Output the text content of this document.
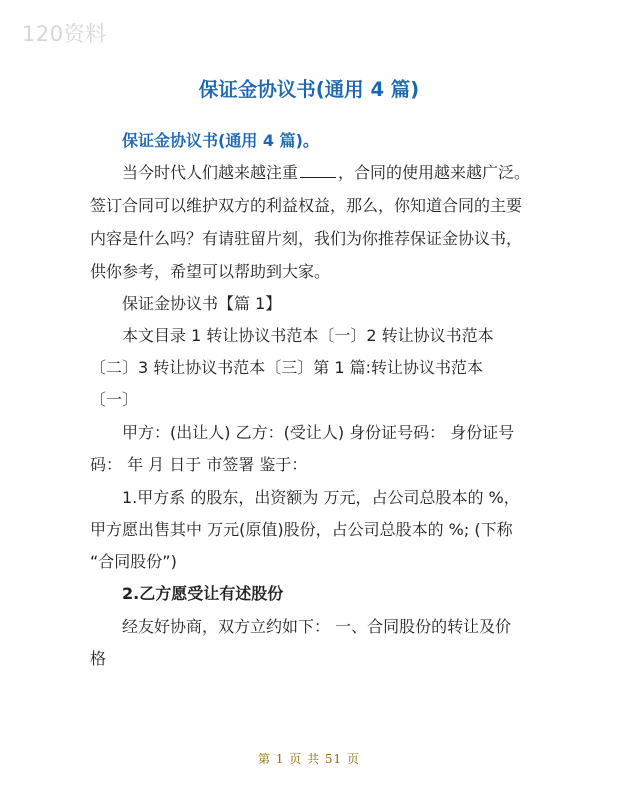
120资料
保证金协议书(通用 4 篇)
保证金协议书(通用 4 篇)。
当今时代人们越来越注重	，合同的使用越来越广泛。
签订合同可以维护双方的利益权益，那么，你知道合同的主要
内容是什么吗？有请驻留片刻，我们为你推荐保证金协议书，
供你参考，希望可以帮助到大家。
保证金协议书【篇 1】
本文目录 1 转让协议书范本〔一〕2 转让协议书范本
〔二〕3 转让协议书范本〔三〕第 1 篇:转让协议书范本
〔一〕
甲方：(出让人) 乙方：(受让人) 身份证号码： 身份证号
码： 年 月 日于 市签署 鉴于：
1.甲方系 的股东，出资额为 万元，占公司总股本的 %，
甲方愿出售其中 万元(原值)股份，占公司总股本的 %; (下称
“合同股份”)
2.乙方愿受让有述股份
经友好协商，双方立约如下： 一、合同股份的转让及价
格
第 1 页 共 51 页
